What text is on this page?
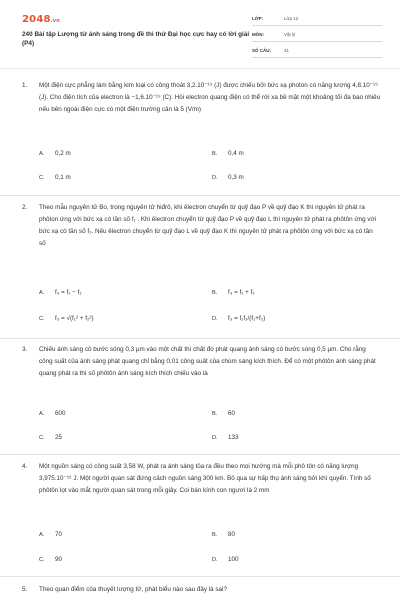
2048.vn
240 Bài tập Lượng tử ánh sáng trong đề thi thử Đại học cực hay có lời giải (P4)
LỚP:	Lớp 12
MÔN:	Vật lý
SỐ CÂU:	41
1. Một điện cực phẳng làm bằng kim loại có công thoát 3,2.10⁻¹⁹ (J) được chiếu bởi bức xạ photon có năng lượng 4,8.10⁻¹⁹ (J). Cho điện tích của electron là −1,6.10⁻¹⁹ (C). Hỏi electron quang điện có thể rời xa bề mặt một khoảng tối đa bao nhiêu nếu bên ngoài điện cực có một điện trường cản là 5 (V/m)
A. 0,2 m	B. 0,4 m
C. 0,1 m	D. 0,3 m
2. Theo mẫu nguyên tử Bo, trong nguyên tử hiđrô, khi êlectron chuyển từ quỹ đạo P về quỹ đạo K thì nguyên tử phát ra phôton ứng với bức xạ có tần số f₁ . Khi êlectron chuyển từ quỹ đạo P về quỹ đạo L thì nguyên tử phát ra phôtôn ứng với bức xạ có tần số f₂. Nếu êlectron chuyển từ quỹ đạo L về quỹ đạo K thì nguyên tử phát ra phôtôn ứng với bức xạ có tần số
A. f₃ = f₁ − f₂	B. f₃ = f₁ + f₂
C. f₃ = √(f₁² + f₂²)	D. f₃ = f₁f₂/(f₁+f₂)
3. Chiếu ánh sáng có bước sóng 0,3 μm vào một chất thì chất đó phát quang ánh sáng có bước sóng 0,5 μm. Cho rằng công suất của ánh sáng phát quang chỉ bằng 0,01 công suất của chùm sáng kích thích. Để có một phôtôn ánh sáng phát quang phát ra thì số phôtôn ánh sáng kích thích chiếu vào là
A. 600	B. 60
C. 25	D. 133
4. Một nguồn sáng có công suất 3,58 W, phát ra ánh sáng tỏa ra đều theo mọi hướng mà mỗi phô tôn có năng lượng 3,975.10⁻¹⁹ J. Một người quan sát đứng cách nguồn sáng 300 km. Bỏ qua sự hấp thụ ánh sáng bởi khí quyển. Tính số phôtôn lọt vào mắt người quan sát trong mỗi giây. Coi bán kính con ngươi là 2 mm
A. 70	B. 80
C. 90	D. 100
5. Theo quan điểm của thuyết lượng tử, phát biểu nào sau đây là sai?
